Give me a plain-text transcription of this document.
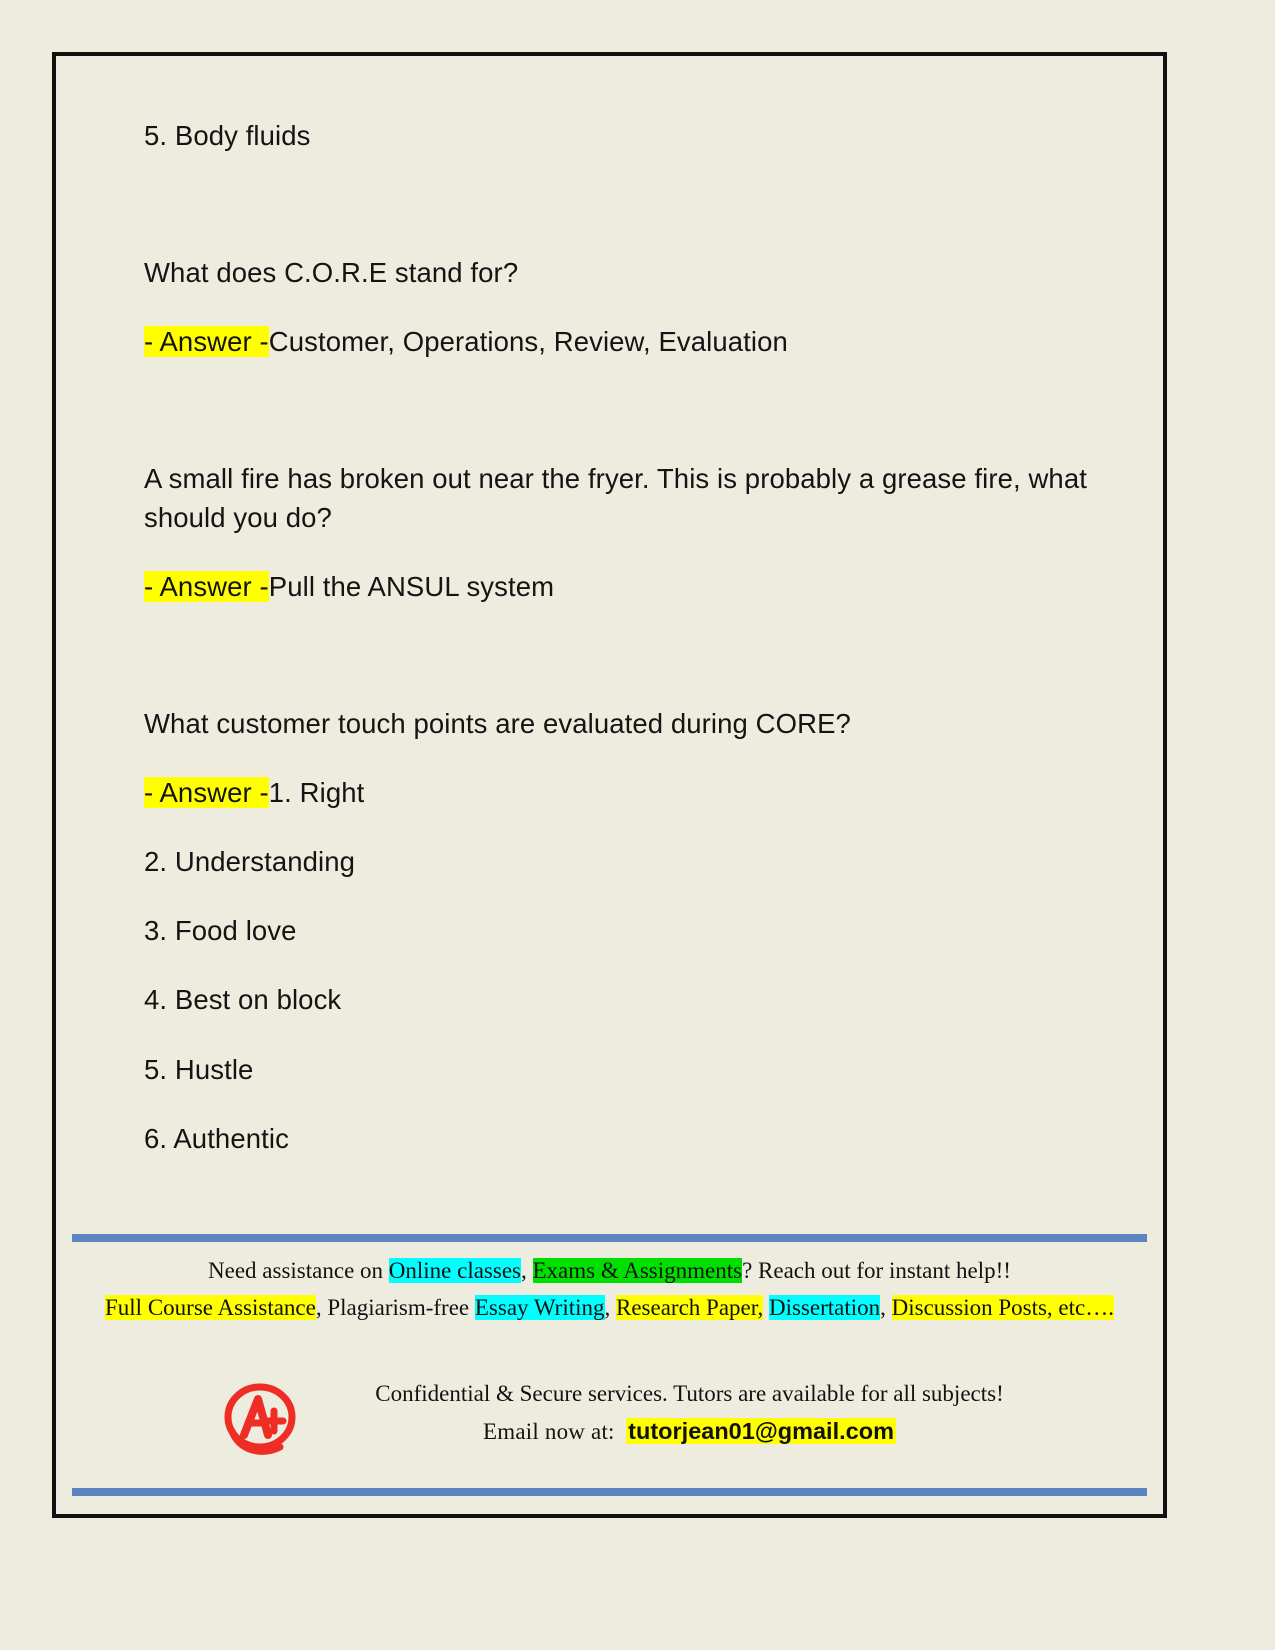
5. Body fluids

What does C.O.R.E stand for?

- Answer -Customer, Operations, Review, Evaluation

A small fire has broken out near the fryer. This is probably a grease fire, what should you do?

- Answer -Pull the ANSUL system

What customer touch points are evaluated during CORE?

- Answer -1. Right

2. Understanding

3. Food love

4. Best on block

5. Hustle

6. Authentic

Need assistance on Online classes, Exams & Assignments? Reach out for instant help!!
Full Course Assistance, Plagiarism-free Essay Writing, Research Paper, Dissertation, Discussion Posts, etc….
Confidential & Secure services. Tutors are available for all subjects!
Email now at: tutorjean01@gmail.com
